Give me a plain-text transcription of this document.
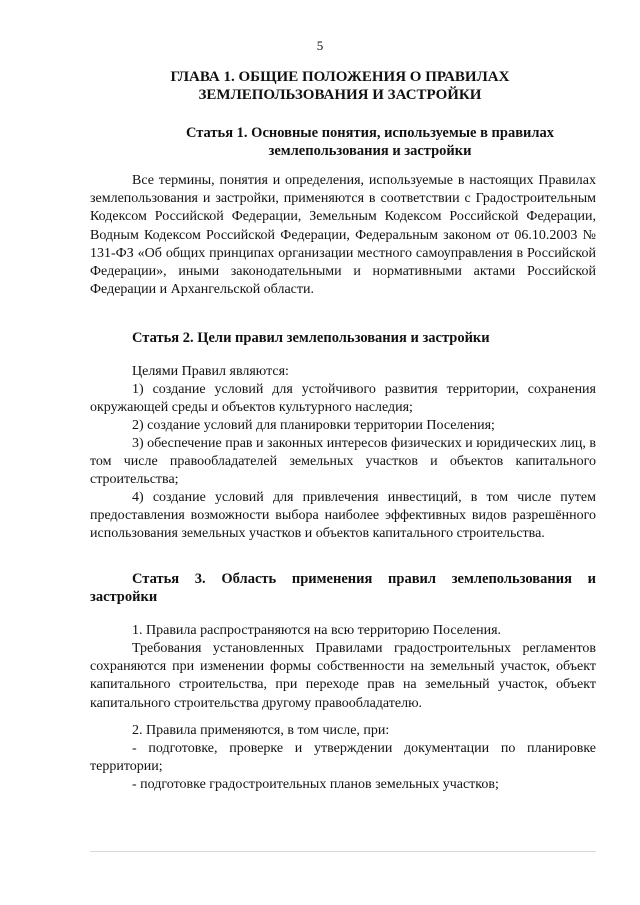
5
ГЛАВА 1. ОБЩИЕ ПОЛОЖЕНИЯ О ПРАВИЛАХ
ЗЕМЛЕПОЛЬЗОВАНИЯ И ЗАСТРОЙКИ
Статья 1. Основные понятия, используемые в правилах
землепользования и застройки
Все термины, понятия и определения, используемые в настоящих Правилах землепользования и застройки, применяются в соответствии с Градостроительным Кодексом Российской Федерации, Земельным Кодексом Российской Федерации, Водным Кодексом Российской Федерации, Федеральным законом от 06.10.2003 № 131-ФЗ «Об общих принципах организации местного самоуправления в Российской Федерации», иными законодательными и нормативными актами Российской Федерации и Архангельской области.
Статья 2. Цели правил землепользования и застройки
Целями Правил являются:
1) создание условий для устойчивого развития территории, сохранения окружающей среды и объектов культурного наследия;
2) создание условий для планировки территории Поселения;
3) обеспечение прав и законных интересов физических и юридических лиц, в том числе правообладателей земельных участков и объектов капитального строительства;
4) создание условий для привлечения инвестиций, в том числе путем предоставления возможности выбора наиболее эффективных видов разрешённого использования земельных участков и объектов капитального строительства.
Статья 3. Область применения правил землепользования и застройки
1. Правила распространяются на всю территорию Поселения.
Требования установленных Правилами градостроительных регламентов сохраняются при изменении формы собственности на земельный участок, объект капитального строительства, при переходе прав на земельный участок, объект капитального строительства другому правообладателю.
2. Правила применяются, в том числе, при:
- подготовке, проверке и утверждении документации по планировке территории;
- подготовке градостроительных планов земельных участков;
